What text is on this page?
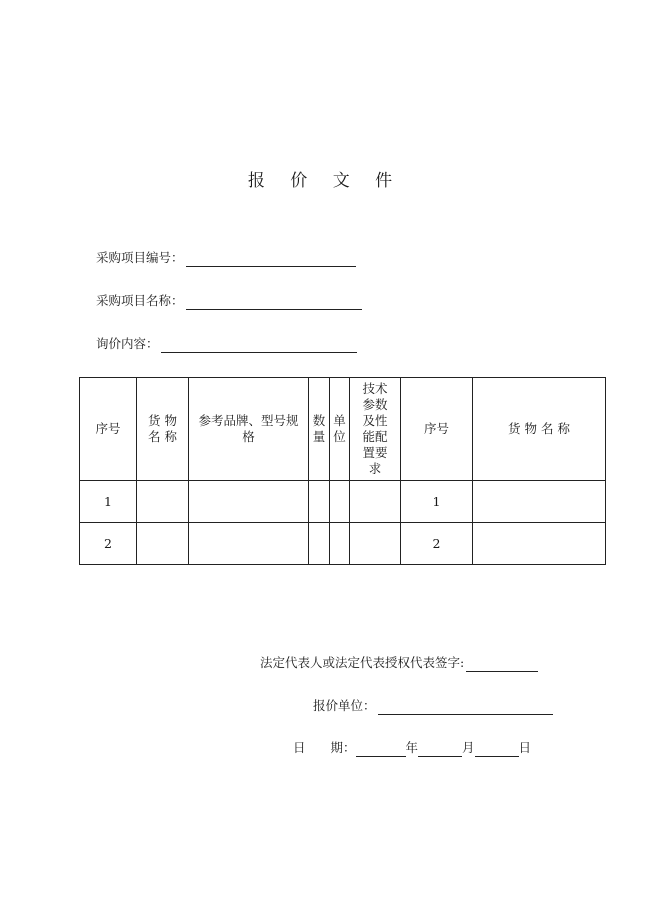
报 价 文 件
采购项目编号：
采购项目名称：
询价内容：
序号	货 物 名 称	参考品牌、型号规格	数量	单位	技术参数及性能配置要求	序号	货 物 名 称
1						1	
2						2	
法定代表人或法定代表授权代表签字:
报价单位：
日　　期：	年	月	日
